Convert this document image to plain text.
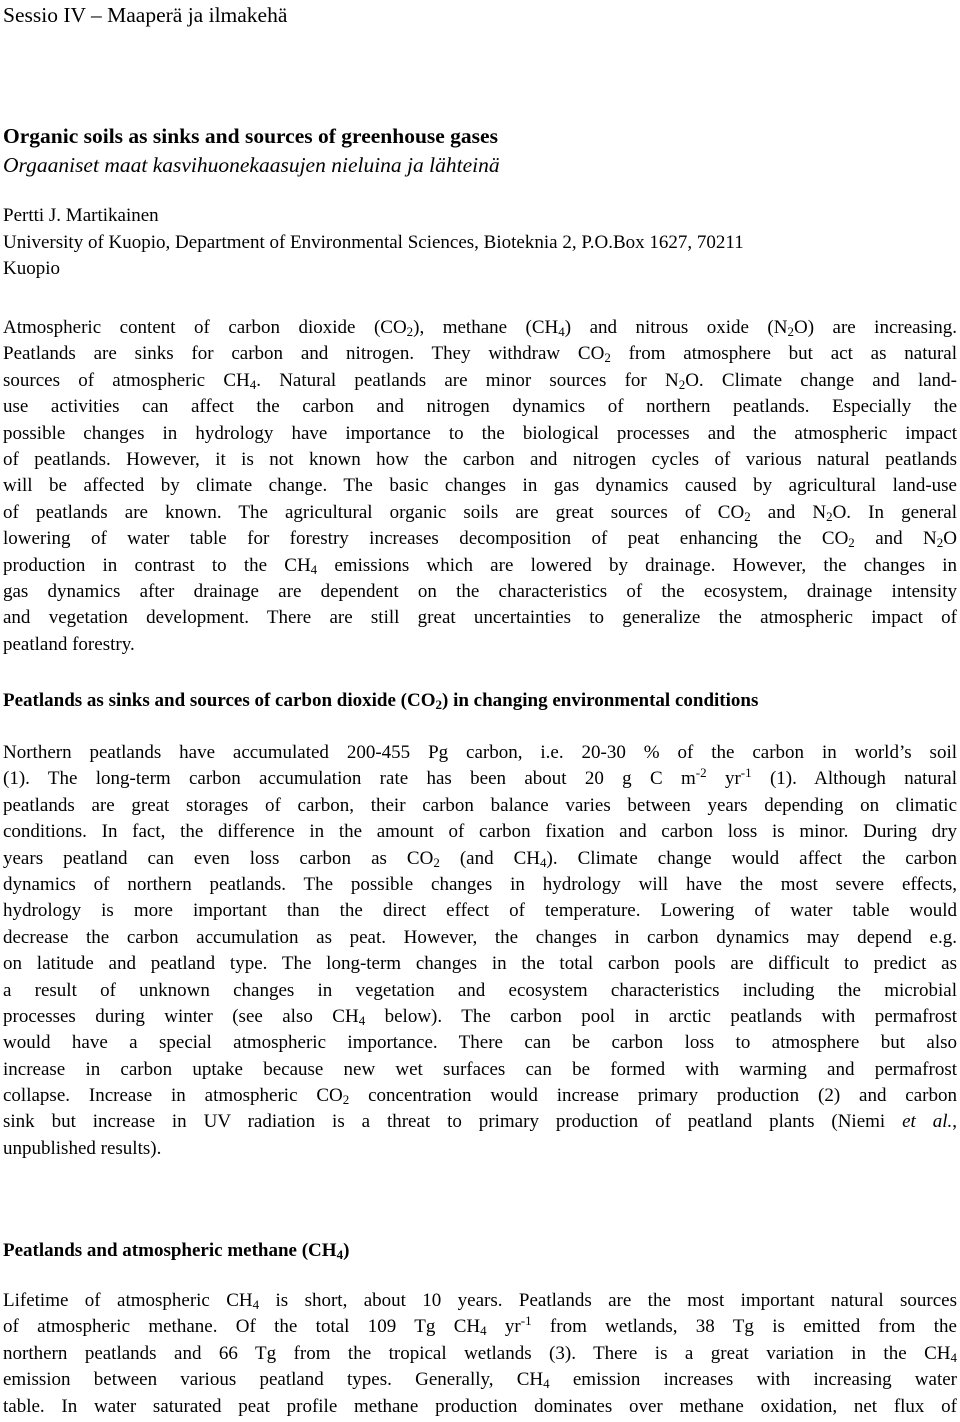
Sessio IV – Maaperä ja ilmakehä
Organic soils as sinks and sources of greenhouse gases
Orgaaniset maat kasvihuonekaasujen nieluina ja lähteinä
Pertti J. Martikainen
University of Kuopio, Department of Environmental Sciences, Bioteknia 2, P.O.Box 1627, 70211
Kuopio
Atmospheric content of carbon dioxide $(CO_2)$, methane $(CH_4)$ and nitrous oxide $(N_2O)$ are increasing.
Peatlands are sinks for carbon and nitrogen. They withdraw $CO_2$ from atmosphere but act as natural
sources of atmospheric $CH_4$. Natural peatlands are minor sources for $N_2O$. Climate change and land-
use activities can affect the carbon and nitrogen dynamics of northern peatlands. Especially the
possible changes in hydrology have importance to the biological processes and the atmospheric impact
of peatlands. However, it is not known how the carbon and nitrogen cycles of various natural peatlands
will be affected by climate change. The basic changes in gas dynamics caused by agricultural land-use
of peatlands are known. The agricultural organic soils are great sources of $CO_2$ and $N_2O$. In general
lowering of water table for forestry increases decomposition of peat enhancing the $CO_2$ and $N_2O$
production in contrast to the $CH_4$ emissions which are lowered by drainage. However, the changes in
gas dynamics after drainage are dependent on the characteristics of the ecosystem, drainage intensity
and vegetation development. There are still great uncertainties to generalize the atmospheric impact of
peatland forestry.
Peatlands as sinks and sources of carbon dioxide $(CO_2)$ in changing environmental conditions
Northern peatlands have accumulated 200-455 Pg carbon, i.e. 20-30 % of the carbon in world’s soil
(1). The long-term carbon accumulation rate has been about 20 g C $m^{-2}$ $yr^{-1}$ (1). Although natural
peatlands are great storages of carbon, their carbon balance varies between years depending on climatic
conditions. In fact, the difference in the amount of carbon fixation and carbon loss is minor. During dry
years peatland can even loss carbon as $CO_2$ (and $CH_4$). Climate change would affect the carbon
dynamics of northern peatlands. The possible changes in hydrology will have the most severe effects,
hydrology is more important than the direct effect of temperature. Lowering of water table would
decrease the carbon accumulation as peat. However, the changes in carbon dynamics may depend e.g.
on latitude and peatland type. The long-term changes in the total carbon pools are difficult to predict as
a result of unknown changes in vegetation and ecosystem characteristics including the microbial
processes during winter (see also $CH_4$ below). The carbon pool in arctic peatlands with permafrost
would have a special atmospheric importance. There can be carbon loss to atmosphere but also
increase in carbon uptake because new wet surfaces can be formed with warming and permafrost
collapse. Increase in atmospheric $CO_2$ concentration would increase primary production (2) and carbon
sink but increase in UV radiation is a threat to primary production of peatland plants (Niemi et al.,
unpublished results).
Peatlands and atmospheric methane $(CH_4)$
Lifetime of atmospheric $CH_4$ is short, about 10 years. Peatlands are the most important natural sources
of atmospheric methane. Of the total 109 Tg $CH_4$ $yr^{-1}$ from wetlands, 38 Tg is emitted from the
northern peatlands and 66 Tg from the tropical wetlands (3). There is a great variation in the $CH_4$
emission between various peatland types. Generally, $CH_4$ emission increases with increasing water
table. In water saturated peat profile methane production dominates over methane oxidation, net flux of
